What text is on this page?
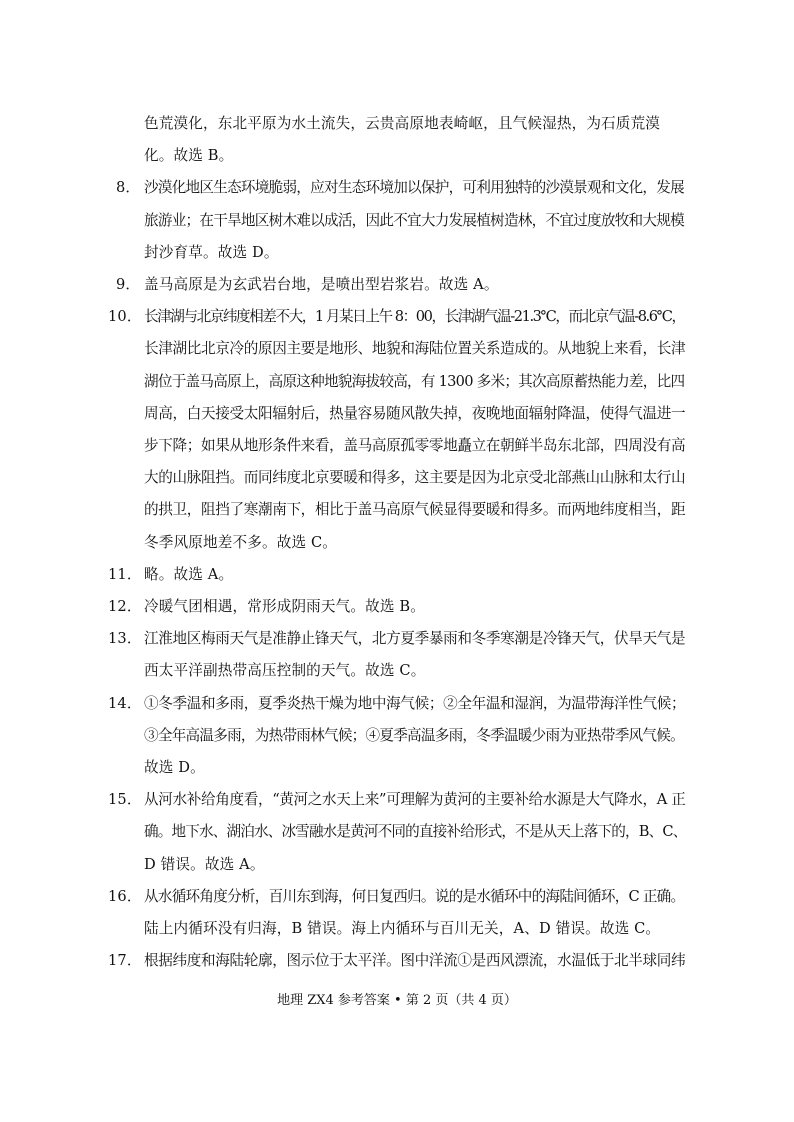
色荒漠化，东北平原为水土流失，云贵高原地表崎岖，且气候湿热，为石质荒漠化。故选 B。

8． 沙漠化地区生态环境脆弱，应对生态环境加以保护，可利用独特的沙漠景观和文化，发展
旅游业；在干旱地区树木难以成活，因此不宜大力发展植树造林，不宜过度放牧和大规模
封沙育草。故选 D。

9． 盖马高原是为玄武岩台地，是喷出型岩浆岩。故选 A。

10． 长津湖与北京纬度相差不大，1 月某日上午 8：00，长津湖气温-21.3℃，而北京气温-8.6℃，
长津湖比北京冷的原因主要是地形、地貌和海陆位置关系造成的。从地貌上来看，长津
湖位于盖马高原上，高原这种地貌海拔较高，有 1300 多米；其次高原蓄热能力差，比四
周高，白天接受太阳辐射后，热量容易随风散失掉，夜晚地面辐射降温，使得气温进一
步下降；如果从地形条件来看，盖马高原孤零零地矗立在朝鲜半岛东北部，四周没有高
大的山脉阻挡。而同纬度北京要暖和得多，这主要是因为北京受北部燕山山脉和太行山
的拱卫，阻挡了寒潮南下，相比于盖马高原气候显得要暖和得多。而两地纬度相当，距
冬季风原地差不多。故选 C。

11． 略。故选 A。

12． 冷暖气团相遇，常形成阴雨天气。故选 B。

13． 江淮地区梅雨天气是准静止锋天气，北方夏季暴雨和冬季寒潮是冷锋天气，伏旱天气是
西太平洋副热带高压控制的天气。故选 C。

14． ①冬季温和多雨，夏季炎热干燥为地中海气候；②全年温和湿润，为温带海洋性气候；
③全年高温多雨，为热带雨林气候；④夏季高温多雨，冬季温暖少雨为亚热带季风气候。
故选 D。

15． 从河水补给角度看，“黄河之水天上来”可理解为黄河的主要补给水源是大气降水，A 正
确。地下水、湖泊水、冰雪融水是黄河不同的直接补给形式，不是从天上落下的，B、C、
D 错误。故选 A。

16． 从水循环角度分析，百川东到海，何日复西归。说的是水循环中的海陆间循环，C 正确。
陆上内循环没有归海，B 错误。海上内循环与百川无关，A、D 错误。故选 C。

17． 根据纬度和海陆轮廓，图示位于太平洋。图中洋流①是西风漂流，水温低于北半球同纬

地理 ZX4 参考答案 • 第 2 页（共 4 页）
